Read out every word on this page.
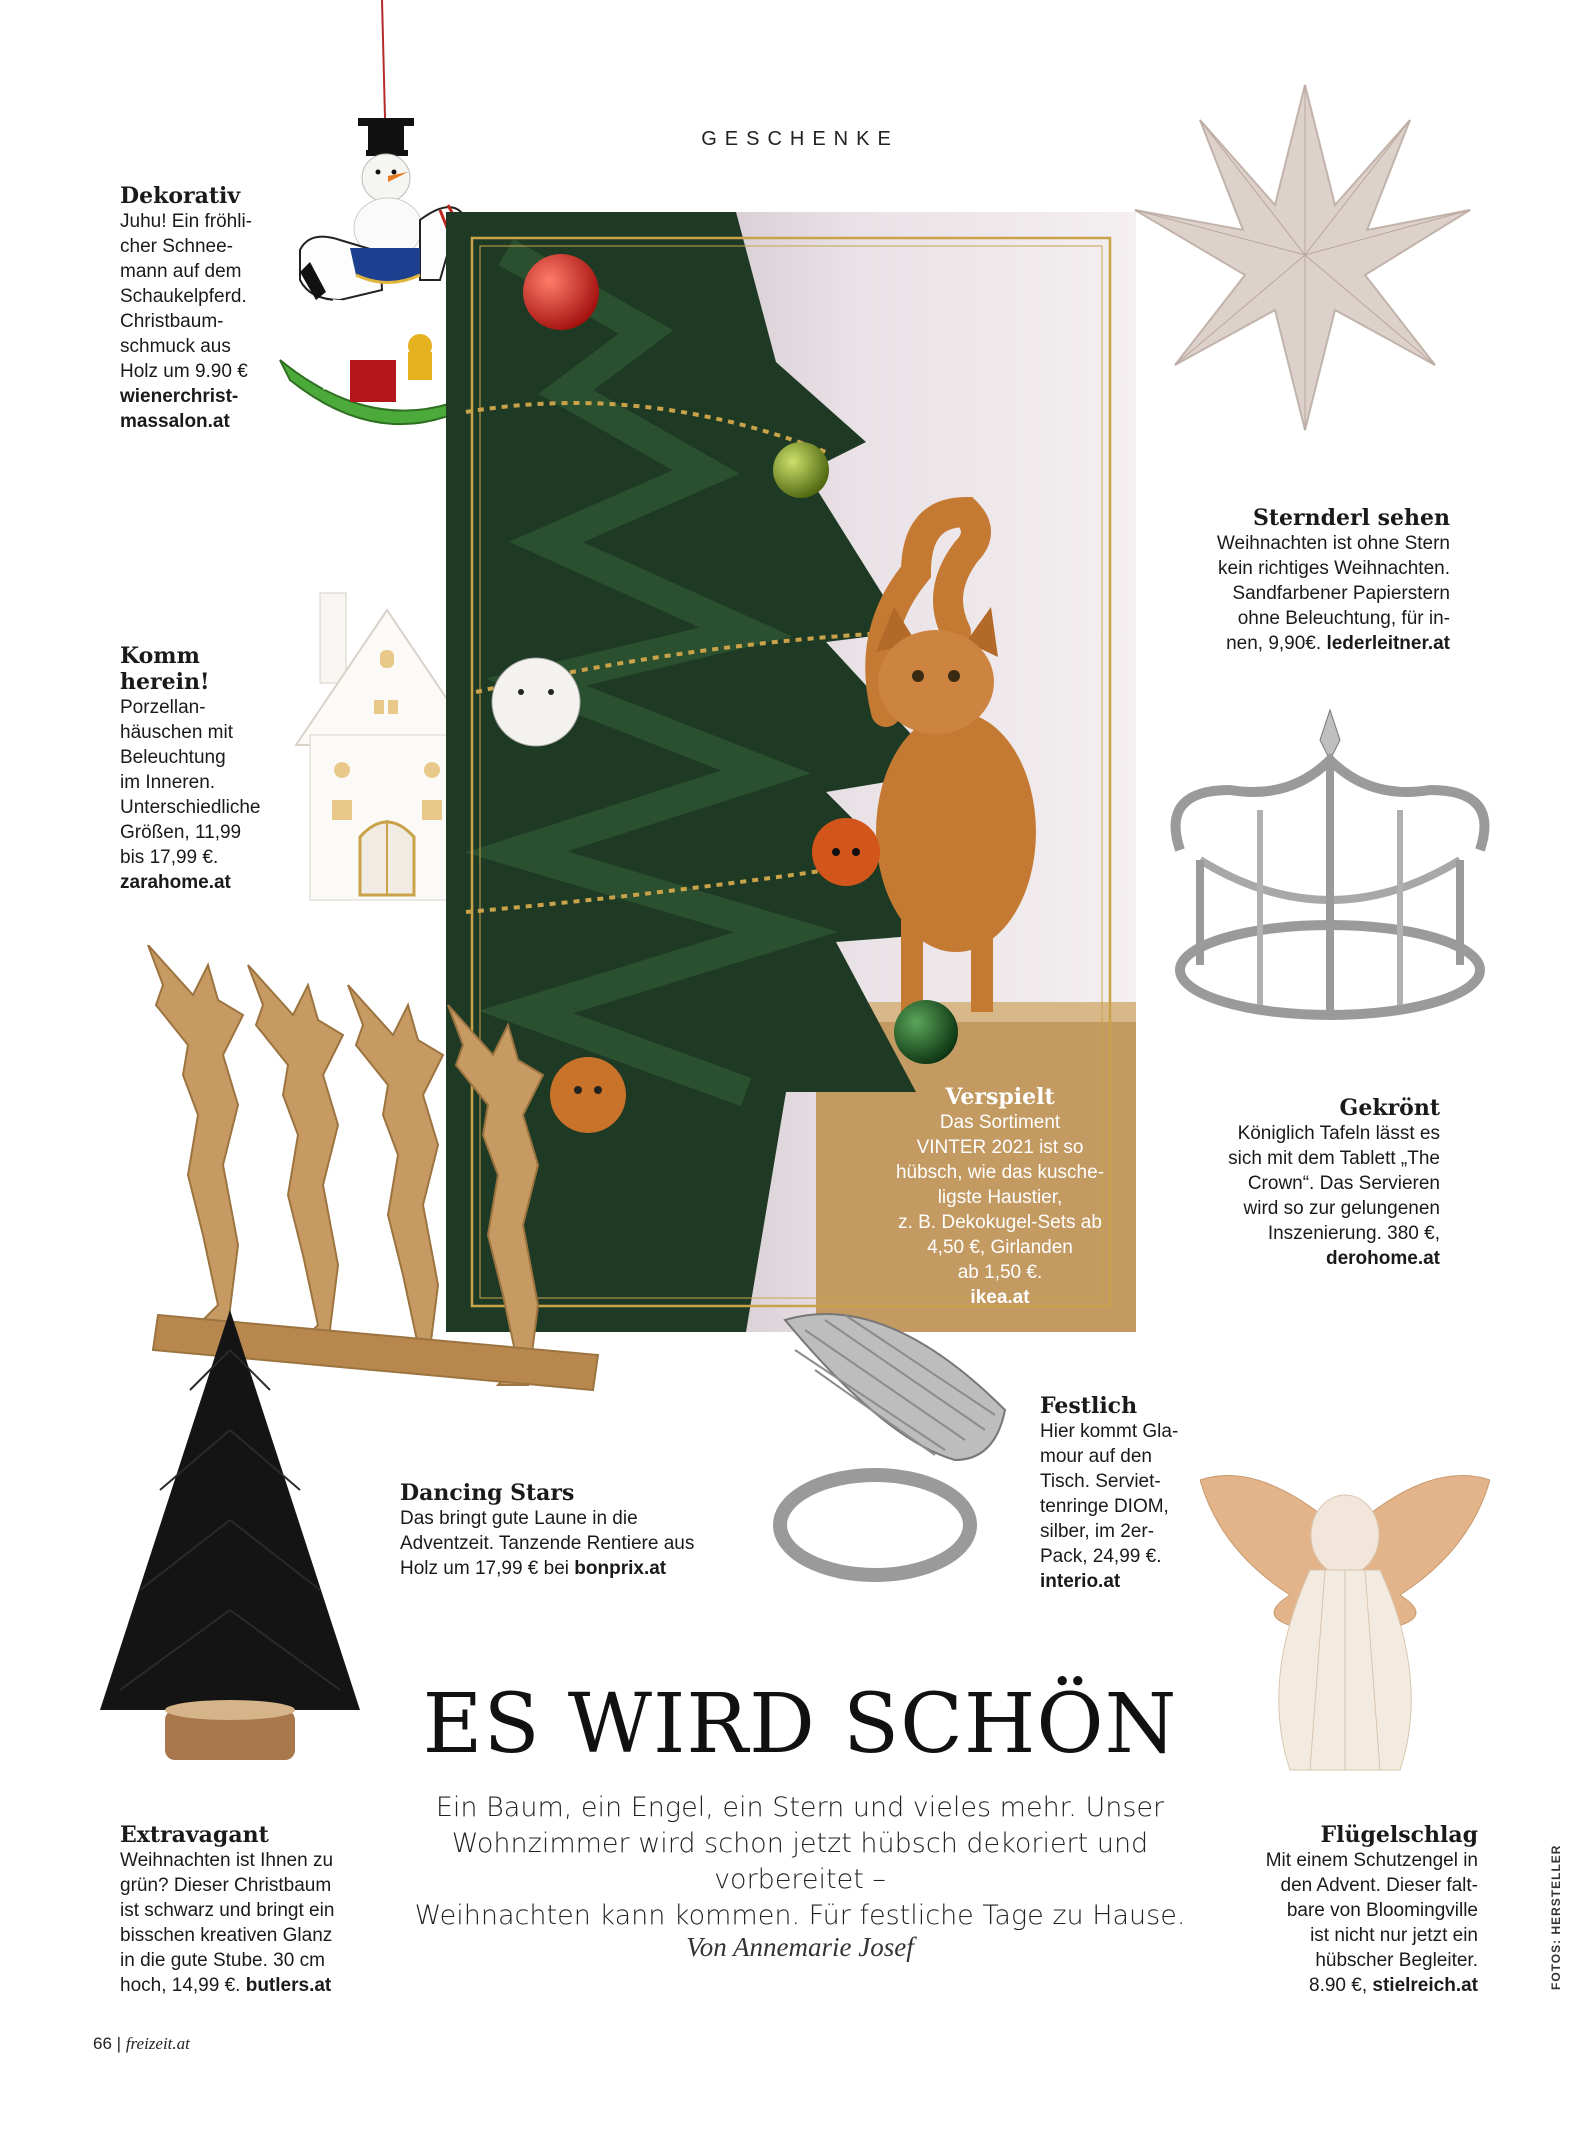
Verspielt
Das Sortiment
VINTER 2021 ist so
hübsch, wie das kusche-
ligste Haustier,
z. B. Dekokugel-Sets ab
4,50 €, Girlanden
ab 1,50 €.
ikea.at
GESCHENKE
Dekorativ
Juhu! Ein fröhli-
cher Schnee-
mann auf dem
Schaukelpferd.
Christbaum-
schmuck aus
Holz um 9.90 €
wienerchrist-
massalon.at
Komm
herein!
Porzellan-
häuschen mit
Beleuchtung
im Inneren.
Unterschiedliche
Größen, 11,99
bis 17,99 €.
zarahome.at
Dancing Stars
Das bringt gute Laune in die
Adventzeit. Tanzende Rentiere aus
Holz um 17,99 € bei bonprix.at
Extravagant
Weihnachten ist Ihnen zu
grün? Dieser Christbaum
ist schwarz und bringt ein
bisschen kreativen Glanz
in die gute Stube. 30 cm
hoch, 14,99 €. butlers.at
Sternderl sehen
Weihnachten ist ohne Stern
kein richtiges Weihnachten.
Sandfarbener Papierstern
ohne Beleuchtung, für in-
nen, 9,90€. lederleitner.at
Gekrönt
Königlich Tafeln lässt es
sich mit dem Tablett „The
Crown“. Das Servieren
wird so zur gelungenen
Inszenierung. 380 €,
derohome.at
Festlich
Hier kommt Gla-
mour auf den
Tisch. Serviet-
tenringe DIOM,
silber, im 2er-
Pack, 24,99 €.
interio.at
Flügelschlag
Mit einem Schutzengel in
den Advent. Dieser falt-
bare von Bloomingville
ist nicht nur jetzt ein
hübscher Begleiter.
8.90 €, stielreich.at
ES WIRD SCHÖN
Ein Baum, ein Engel, ein Stern und vieles mehr. Unser
Wohnzimmer wird schon jetzt hübsch dekoriert und vorbereitet –
Weihnachten kann kommen. Für festliche Tage zu Hause.
Von Annemarie Josef
66 | freizeit.at
FOTOS: HERSTELLER
